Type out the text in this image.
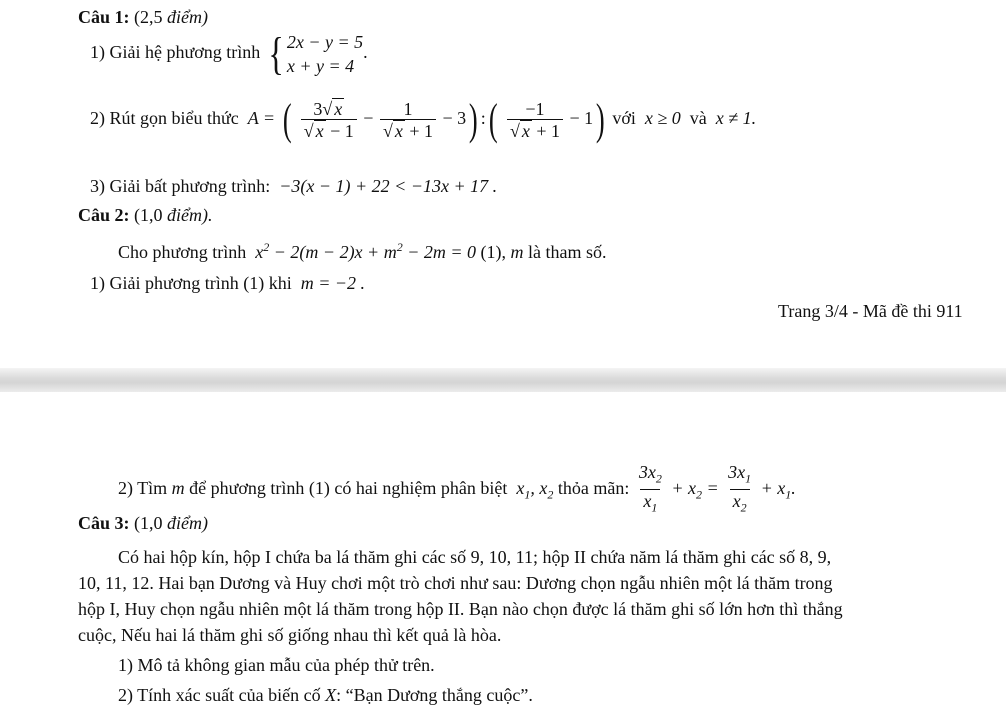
Câu 1: (2,5 điểm)
1) Giải hệ phương trình { 2x − y = 5
x + y = 4
.
2) Rút gọn biểu thức  A = ( $\frac{3√ x}{√ x - 1} - \frac{1}{√ x + 1} - 3$) :( $\frac{-1}{√ x + 1} - 1$) với x ≥ 0 và x ≠ 1.
3) Giải bất phương trình: −3(x − 1) + 22 < −13x + 17 .
Câu 2: (1,0 điểm).
Cho phương trình  $x^2 - 2(m - 2)x + m^2 - 2m = 0$ (1), m là tham số.
1) Giải phương trình (1) khi m = −2 .
Trang 3/4 - Mã đề thi 911
2) Tìm m để phương trình (1) có hai nghiệm phân biệt  $x_1$, $x_2$ thỏa mãn: $\frac{3x_2}{x_1} + x_2 = \frac{3x_1}{x_2} + x_1$.
Câu 3: (1,0 điểm)
Có hai hộp kín, hộp I chứa ba lá thăm ghi các số 9, 10, 11; hộp II chứa năm lá thăm ghi các số 8, 9,
10, 11, 12. Hai bạn Dương và Huy chơi một trò chơi như sau: Dương chọn ngẫu nhiên một lá thăm trong
hộp I, Huy chọn ngẫu nhiên một lá thăm trong hộp II. Bạn nào chọn được lá thăm ghi số lớn hơn thì thắng
cuộc, Nếu hai lá thăm ghi số giống nhau thì kết quả là hòa.
1) Mô tả không gian mẫu của phép thử trên.
2) Tính xác suất của biến cố X: “Bạn Dương thắng cuộc”.
